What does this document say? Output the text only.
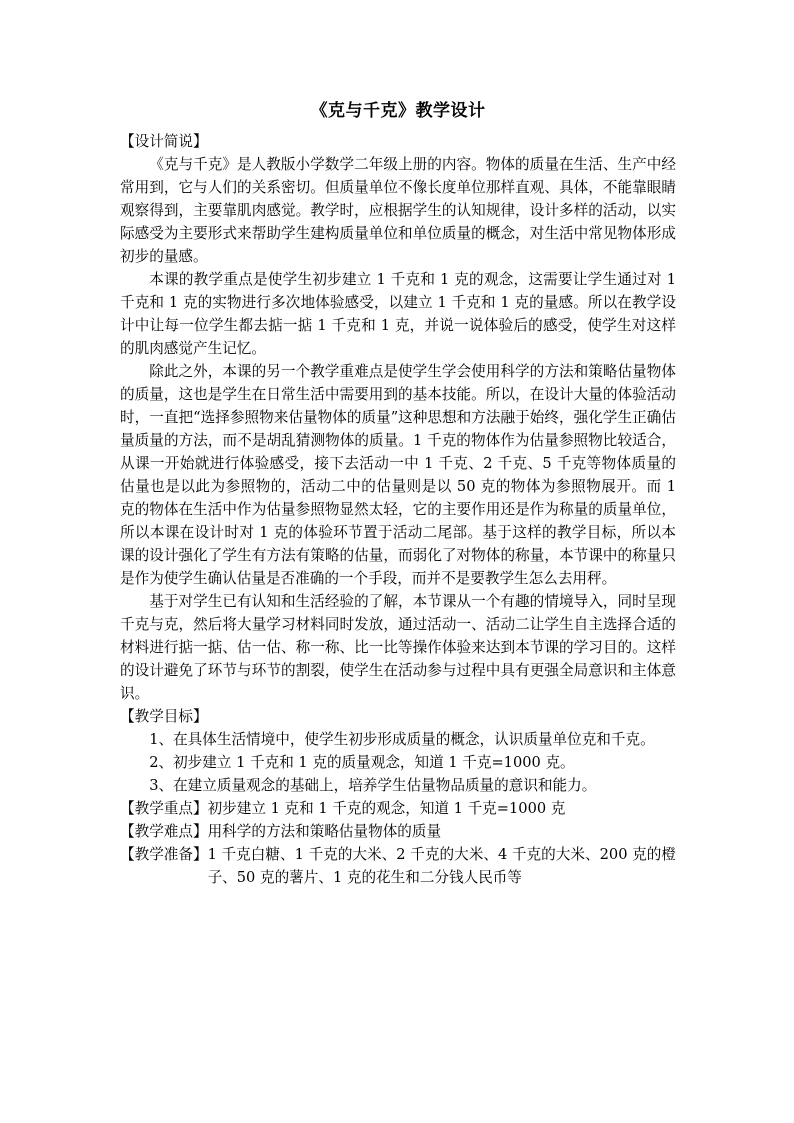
《克与千克》教学设计

【设计简说】

《克与千克》是人教版小学数学二年级上册的内容。物体的质量在生活、生产中经常用到，它与人们的关系密切。但质量单位不像长度单位那样直观、具体，不能靠眼睛观察得到，主要靠肌肉感觉。教学时，应根据学生的认知规律，设计多样的活动，以实际感受为主要形式来帮助学生建构质量单位和单位质量的概念，对生活中常见物体形成初步的量感。

本课的教学重点是使学生初步建立 1 千克和 1 克的观念，这需要让学生通过对 1 千克和 1 克的实物进行多次地体验感受，以建立 1 千克和 1 克的量感。所以在教学设计中让每一位学生都去掂一掂 1 千克和 1 克，并说一说体验后的感受，使学生对这样的肌肉感觉产生记忆。

除此之外，本课的另一个教学重难点是使学生学会使用科学的方法和策略估量物体的质量，这也是学生在日常生活中需要用到的基本技能。所以，在设计大量的体验活动时，一直把“选择参照物来估量物体的质量”这种思想和方法融于始终，强化学生正确估量质量的方法，而不是胡乱猜测物体的质量。1 千克的物体作为估量参照物比较适合，从课一开始就进行体验感受，接下去活动一中 1 千克、2 千克、5 千克等物体质量的估量也是以此为参照物的，活动二中的估量则是以 50 克的物体为参照物展开。而 1 克的物体在生活中作为估量参照物显然太轻，它的主要作用还是作为称量的质量单位，所以本课在设计时对 1 克的体验环节置于活动二尾部。基于这样的教学目标，所以本课的设计强化了学生有方法有策略的估量，而弱化了对物体的称量，本节课中的称量只是作为使学生确认估量是否准确的一个手段，而并不是要教学生怎么去用秤。

基于对学生已有认知和生活经验的了解，本节课从一个有趣的情境导入，同时呈现千克与克，然后将大量学习材料同时发放，通过活动一、活动二让学生自主选择合适的材料进行掂一掂、估一估、称一称、比一比等操作体验来达到本节课的学习目的。这样的设计避免了环节与环节的割裂，使学生在活动参与过程中具有更强全局意识和主体意识。

【教学目标】

1、在具体生活情境中，使学生初步形成质量的概念，认识质量单位克和千克。

2、初步建立 1 千克和 1 克的质量观念，知道 1 千克=1000 克。

3、在建立质量观念的基础上，培养学生估量物品质量的意识和能力。

【教学重点】初步建立 1 克和 1 千克的观念，知道 1 千克=1000 克

【教学难点】用科学的方法和策略估量物体的质量

【教学准备】 1 千克白糖、1 千克的大米、2 千克的大米、4 千克的大米、200 克的橙子、50 克的薯片、1 克的花生和二分钱人民币等
